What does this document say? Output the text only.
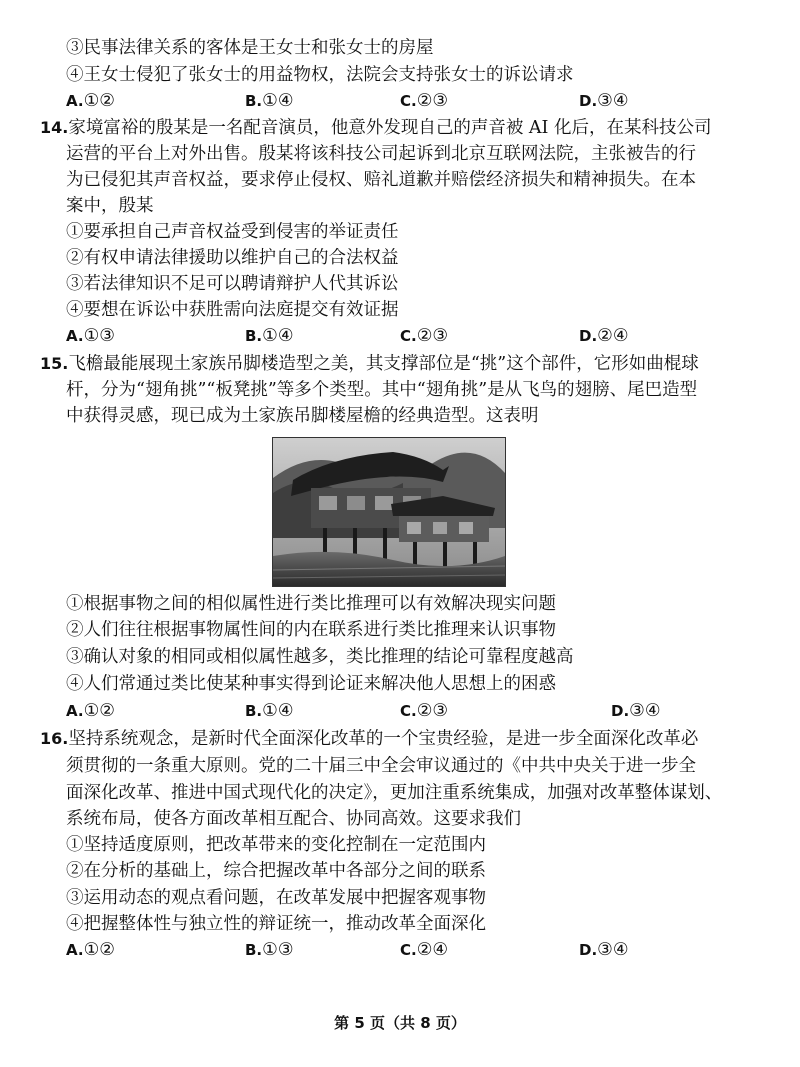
③民事法律关系的客体是王女士和张女士的房屋
④王女士侵犯了张女士的用益物权，法院会支持张女士的诉讼请求
A.①②	B.①④	C.②③	D.③④
14.家境富裕的殷某是一名配音演员，他意外发现自己的声音被 AI 化后，在某科技公司
运营的平台上对外出售。殷某将该科技公司起诉到北京互联网法院，主张被告的行
为已侵犯其声音权益，要求停止侵权、赔礼道歉并赔偿经济损失和精神损失。在本
案中，殷某
①要承担自己声音权益受到侵害的举证责任
②有权申请法律援助以维护自己的合法权益
③若法律知识不足可以聘请辩护人代其诉讼
④要想在诉讼中获胜需向法庭提交有效证据
A.①③	B.①④	C.②③	D.②④
15.飞檐最能展现土家族吊脚楼造型之美，其支撑部位是“挑”这个部件，它形如曲棍球
杆，分为“翅角挑”“板凳挑”等多个类型。其中“翅角挑”是从飞鸟的翅膀、尾巴造型
中获得灵感，现已成为土家族吊脚楼屋檐的经典造型。这表明
①根据事物之间的相似属性进行类比推理可以有效解决现实问题
②人们往往根据事物属性间的内在联系进行类比推理来认识事物
③确认对象的相同或相似属性越多，类比推理的结论可靠程度越高
④人们常通过类比使某种事实得到论证来解决他人思想上的困惑
A.①②	B.①④	C.②③	D.③④
16.坚持系统观念，是新时代全面深化改革的一个宝贵经验，是进一步全面深化改革必
须贯彻的一条重大原则。党的二十届三中全会审议通过的《中共中央关于进一步全
面深化改革、推进中国式现代化的决定》，更加注重系统集成，加强对改革整体谋划、
系统布局，使各方面改革相互配合、协同高效。这要求我们
①坚持适度原则，把改革带来的变化控制在一定范围内
②在分析的基础上，综合把握改革中各部分之间的联系
③运用动态的观点看问题，在改革发展中把握客观事物
④把握整体性与独立性的辩证统一，推动改革全面深化
A.①②	B.①③	C.②④	D.③④
第 5 页（共 8 页）
